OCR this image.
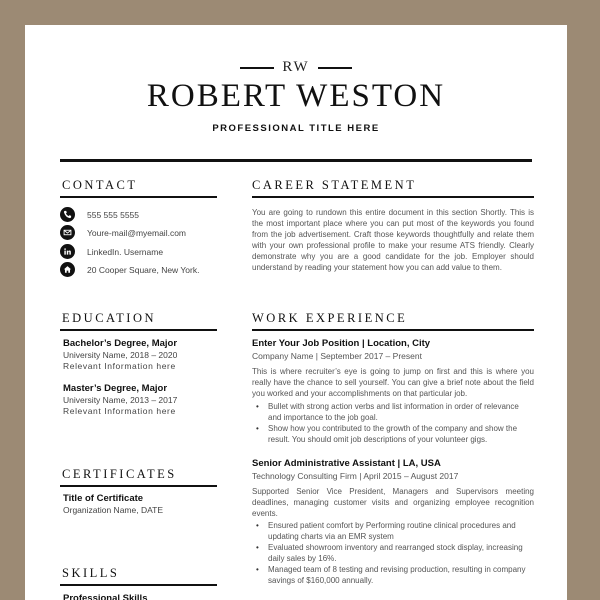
RW
ROBERT WESTON
PROFESSIONAL TITLE HERE
CONTACT
555 555 5555
Youre-mail@myemail.com
LinkedIn. Username
20 Cooper Square, New York.
EDUCATION
Bachelor’s Degree, Major
University Name, 2018 – 2020
Relevant Information here
Master’s Degree, Major
University Name, 2013 – 2017
Relevant Information here
CERTIFICATES
Title of Certificate
Organization Name, DATE
SKILLS
Professional Skills
CAREER STATEMENT
You are going to rundown this entire document in this section Shortly. This is the most important place where you can put most of the keywords you found from the job advertisement. Craft those keywords thoughtfully and relate them with your own professional profile to make your resume ATS friendly. Clearly demonstrate why you are a good candidate for the job. Employer should understand by reading your statement how you can add value to them.
WORK EXPERIENCE
Enter Your Job Position | Location, City
Company Name | September 2017 – Present
This is where recruiter’s eye is going to jump on first and this is where you really have the chance to sell yourself. You can give a brief note about the field you worked and your accomplishments on that particular job.
• Bullet with strong action verbs and list information in order of relevance and importance to the job goal.
• Show how you contributed to the growth of the company and show the result. You should omit job descriptions of your volunteer gigs.
Senior Administrative Assistant | LA, USA
Technology Consulting Firm | April 2015 – August 2017
Supported Senior Vice President, Managers and Supervisors meeting deadlines, managing customer visits and organizing employee recognition events.
• Ensured patient comfort by Performing routine clinical procedures and updating charts via an EMR system
• Evaluated showroom inventory and rearranged stock display, increasing daily sales by 16%.
• Managed team of 8 testing and revising production, resulting in company savings of $160,000 annually.
